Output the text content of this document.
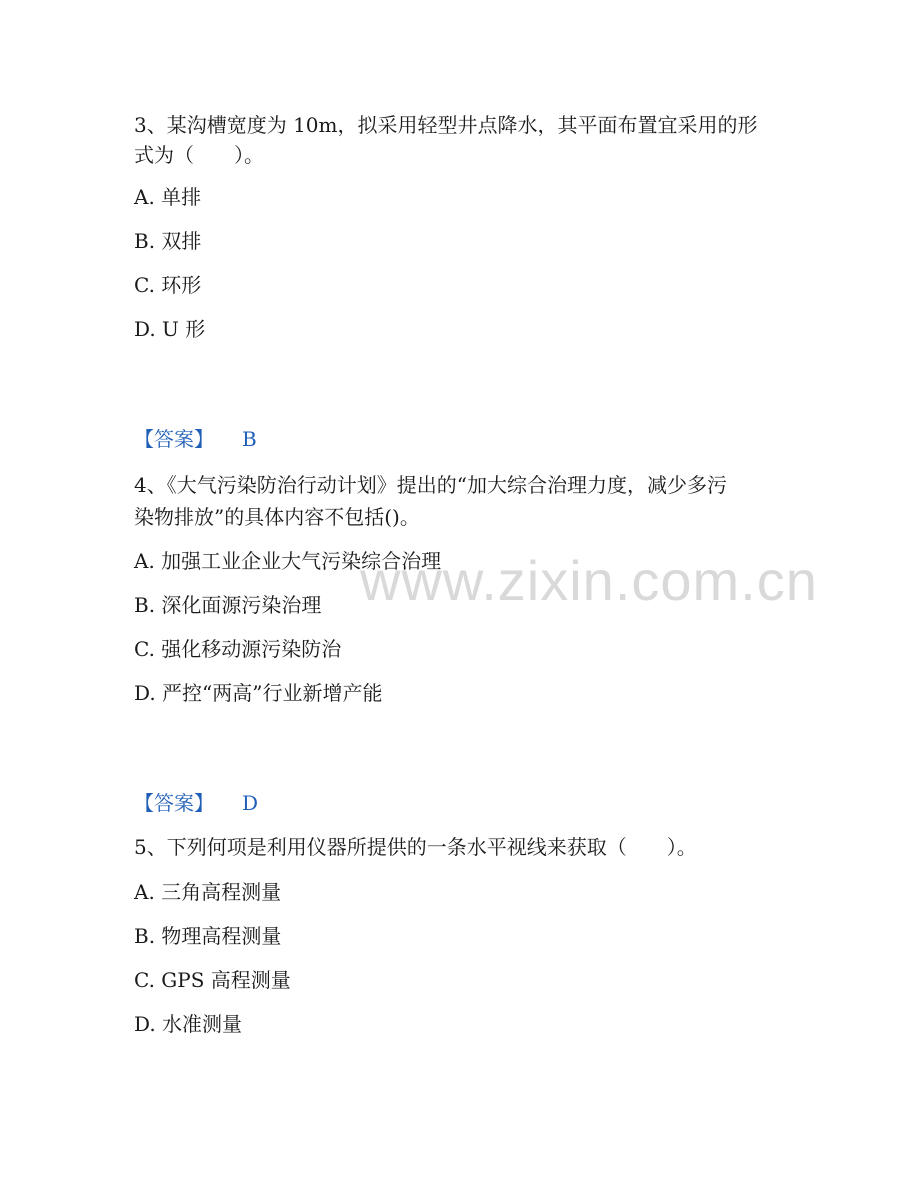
www.zixin.com.cn
3、某沟槽宽度为 10m，拟采用轻型井点降水，其平面布置宜采用的形
式为（　　）。
A. 单排
B. 双排
C. 环形
D. U 形
【答案】 B
4、《大气污染防治行动计划》提出的“加大综合治理力度，减少多污
染物排放”的具体内容不包括()。
A. 加强工业企业大气污染综合治理
B. 深化面源污染治理
C. 强化移动源污染防治
D. 严控“两高”行业新增产能
【答案】 D
5、下列何项是利用仪器所提供的一条水平视线来获取（　　）。
A. 三角高程测量
B. 物理高程测量
C. GPS 高程测量
D. 水准测量
